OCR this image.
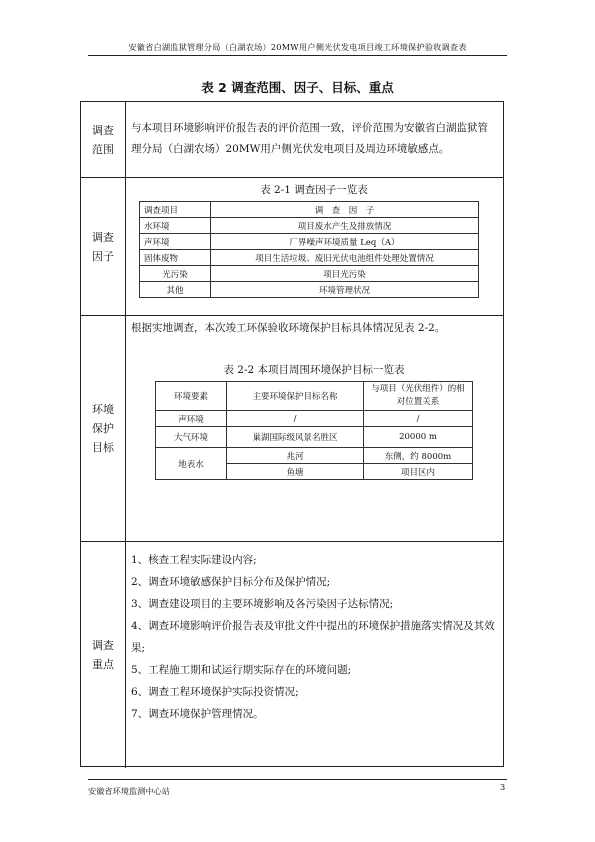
安徽省白湖监狱管理分局（白湖农场）20MW用户侧光伏发电项目竣工环境保护验收调查表
表 2 调查范围、因子、目标、重点
调查范围
与本项目环境影响评价报告表的评价范围一致，评价范围为安徽省白湖监狱管理分局（白湖农场）20MW用户侧光伏发电项目及周边环境敏感点。
调查因子
表 2-1 调查因子一览表
调查项目	调　查　因　子
水环境	项目废水产生及排放情况
声环境	厂界噪声环境质量 Leq（A）
固体废物	项目生活垃圾、废旧光伏电池组件处理处置情况
光污染	项目光污染
其他	环境管理状况
环境保护目标
根据实地调查，本次竣工环保验收环境保护目标具体情况见表 2-2。
表 2-2 本项目周围环境保护目标一览表
环境要素	主要环境保护目标名称	与项目（光伏组件）的相对位置关系
声环境	/	/
大气环境	巢湖国际级风景名胜区	20000 m
地表水	兆河	东侧，约 8000m
	鱼塘	项目区内
调查重点
1、核查工程实际建设内容;
2、调查环境敏感保护目标分布及保护情况;
3、调查建设项目的主要环境影响及各污染因子达标情况;
4、调查环境影响评价报告表及审批文件中提出的环境保护措施落实情况及其效果;
5、工程施工期和试运行期实际存在的环境问题;
6、调查工程环境保护实际投资情况;
7、调查环境保护管理情况。
安徽省环境监测中心站	3
